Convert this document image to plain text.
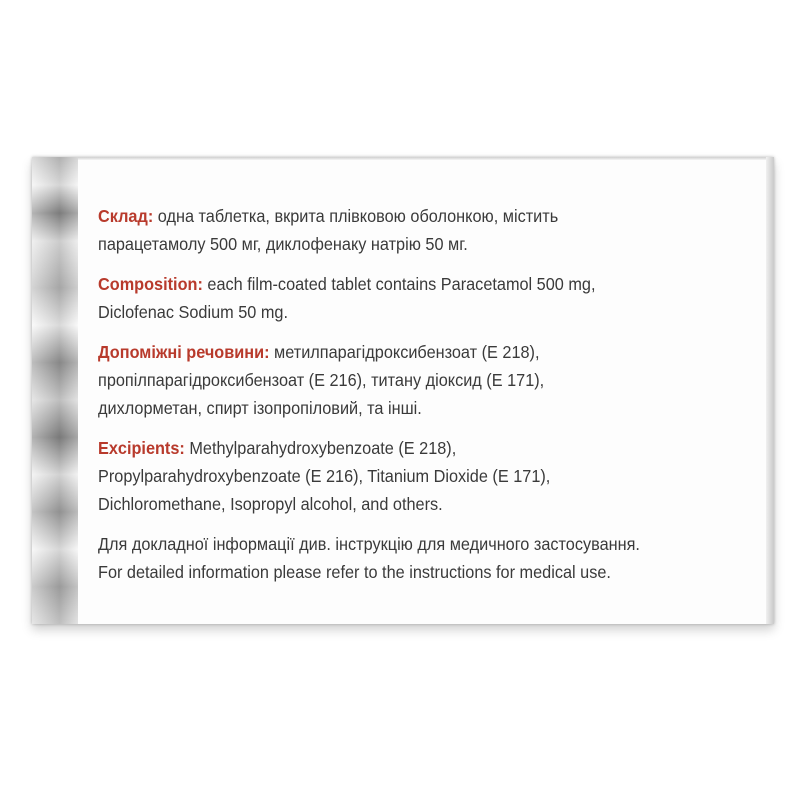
Склад: одна таблетка, вкрита плівковою оболонкою, містить
парацетамолу 500 мг, диклофенаку натрію 50 мг.

Composition: each film-coated tablet contains Paracetamol 500 mg,
Diclofenac Sodium 50 mg.

Допоміжні речовини: метилпарагідроксибензоат (E 218),
пропілпарагідроксибензоат (E 216), титану діоксид (E 171),
дихлорметан, спирт ізопропіловий, та інші.

Excipients: Methylparahydroxybenzoate (E 218),
Propylparahydroxybenzoate (E 216), Titanium Dioxide (E 171),
Dichloromethane, Isopropyl alcohol, and others.

Для докладної інформації див. інструкцію для медичного застосування.
For detailed information please refer to the instructions for medical use.
